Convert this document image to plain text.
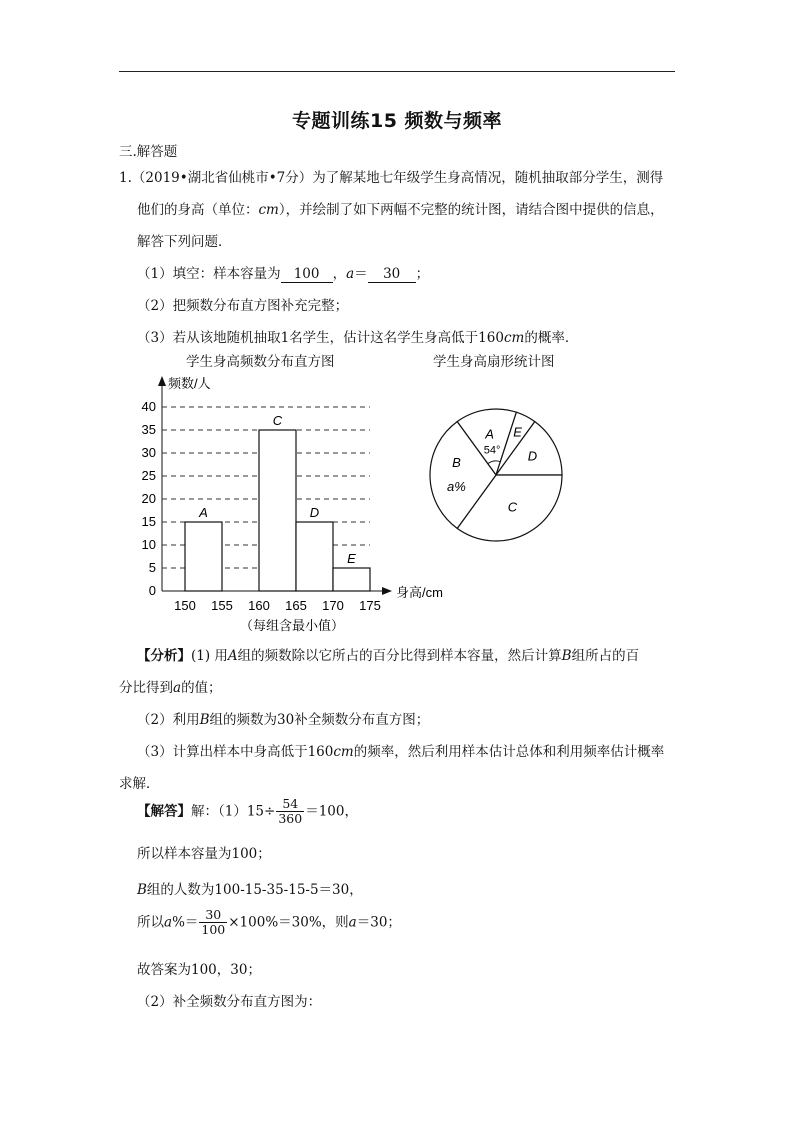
专题训练15 频数与频率
三.解答题
1.（2019•湖北省仙桃市•7分）为了解某地七年级学生身高情况，随机抽取部分学生，测得
他们的身高（单位：cm），并绘制了如下两幅不完整的统计图，请结合图中提供的信息，
解答下列问题．
（1）填空：样本容量为 100 ，a＝ 30 ；
（2）把频数分布直方图补充完整；
（3）若从该地随机抽取1名学生，估计这名学生身高低于160cm的概率．
学生身高频数分布直方图	学生身高扇形统计图
频数/人
身高/cm
（每组含最小值）
A
C
D
E
0
5
10
15
20
25
30
35
40
150 155 160 165 170 175
A
54°
E
D
C
B
a%
【分析】(1) 用A组的频数除以它所占的百分比得到样本容量，然后计算B组所占的百
分比得到a的值；
（2）利用B组的频数为30补全频数分布直方图；
（3）计算出样本中身高低于160cm的频率，然后利用样本估计总体和利用频率估计概率
求解．
【解答】解：$(1)15\div \frac{54}{360} =100$，
所以样本容量为100；
B组的人数为100-15-35-15-5＝30，
所以$a\%= \frac{30}{100} \times 100\%=30\%$，则a＝30；
故答案为100，30；
（2）补全频数分布直方图为：
